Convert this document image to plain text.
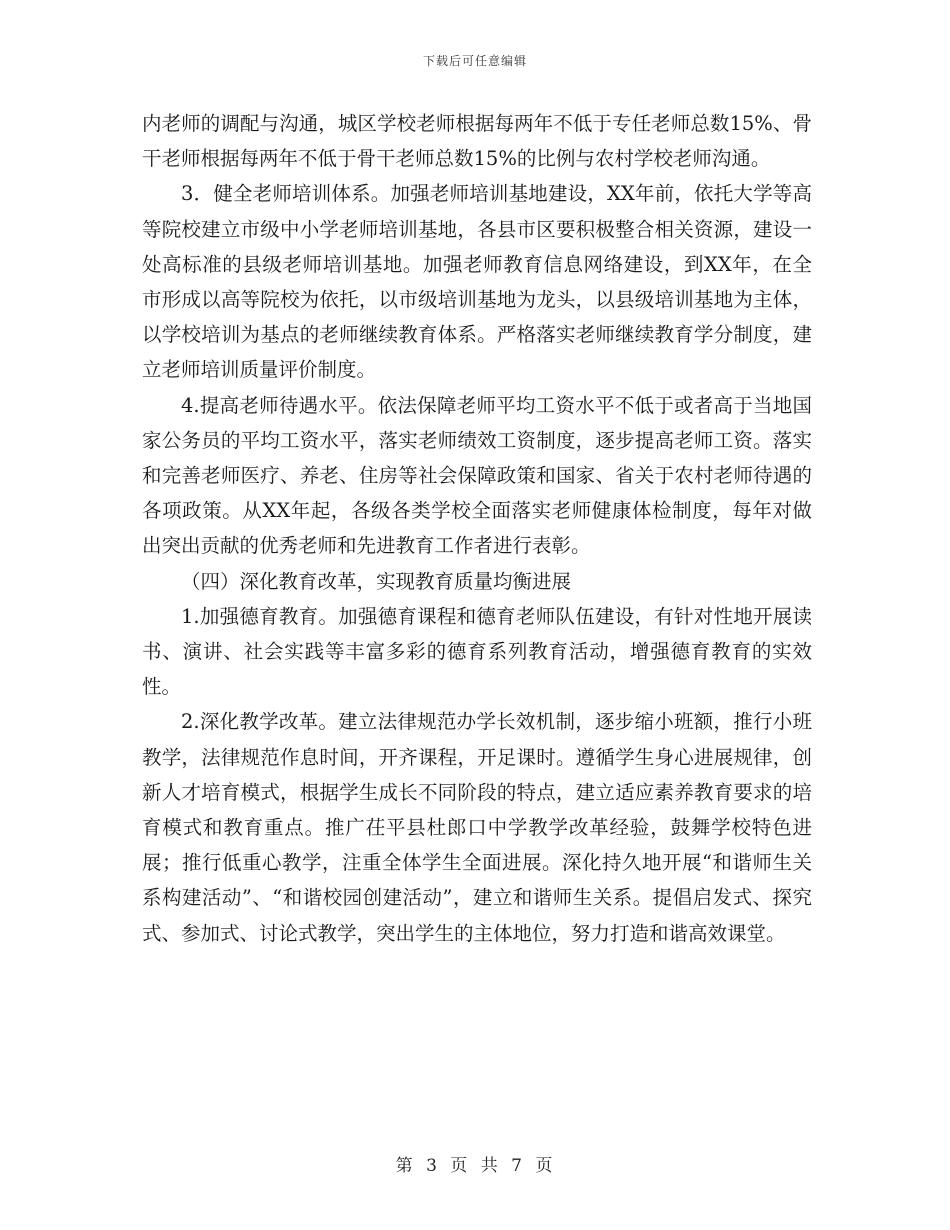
下载后可任意编辑

内老师的调配与沟通，城区学校老师根据每两年不低于专任老师总数15%、骨干老师根据每两年不低于骨干老师总数15%的比例与农村学校老师沟通。

3．健全老师培训体系。加强老师培训基地建设，XX年前，依托大学等高等院校建立市级中小学老师培训基地，各县市区要积极整合相关资源，建设一处高标准的县级老师培训基地。加强老师教育信息网络建设，到XX年，在全市形成以高等院校为依托，以市级培训基地为龙头，以县级培训基地为主体，以学校培训为基点的老师继续教育体系。严格落实老师继续教育学分制度，建立老师培训质量评价制度。

4.提高老师待遇水平。依法保障老师平均工资水平不低于或者高于当地国家公务员的平均工资水平，落实老师绩效工资制度，逐步提高老师工资。落实和完善老师医疗、养老、住房等社会保障政策和国家、省关于农村老师待遇的各项政策。从XX年起，各级各类学校全面落实老师健康体检制度，每年对做出突出贡献的优秀老师和先进教育工作者进行表彰。

（四）深化教育改革，实现教育质量均衡进展

1.加强德育教育。加强德育课程和德育老师队伍建设，有针对性地开展读书、演讲、社会实践等丰富多彩的德育系列教育活动，增强德育教育的实效性。

2.深化教学改革。建立法律规范办学长效机制，逐步缩小班额，推行小班教学，法律规范作息时间，开齐课程，开足课时。遵循学生身心进展规律，创新人才培育模式，根据学生成长不同阶段的特点，建立适应素养教育要求的培育模式和教育重点。推广茌平县杜郎口中学教学改革经验，鼓舞学校特色进展；推行低重心教学，注重全体学生全面进展。深化持久地开展“和谐师生关系构建活动”、“和谐校园创建活动”，建立和谐师生关系。提倡启发式、探究式、参加式、讨论式教学，突出学生的主体地位，努力打造和谐高效课堂。

第 3 页 共 7 页
